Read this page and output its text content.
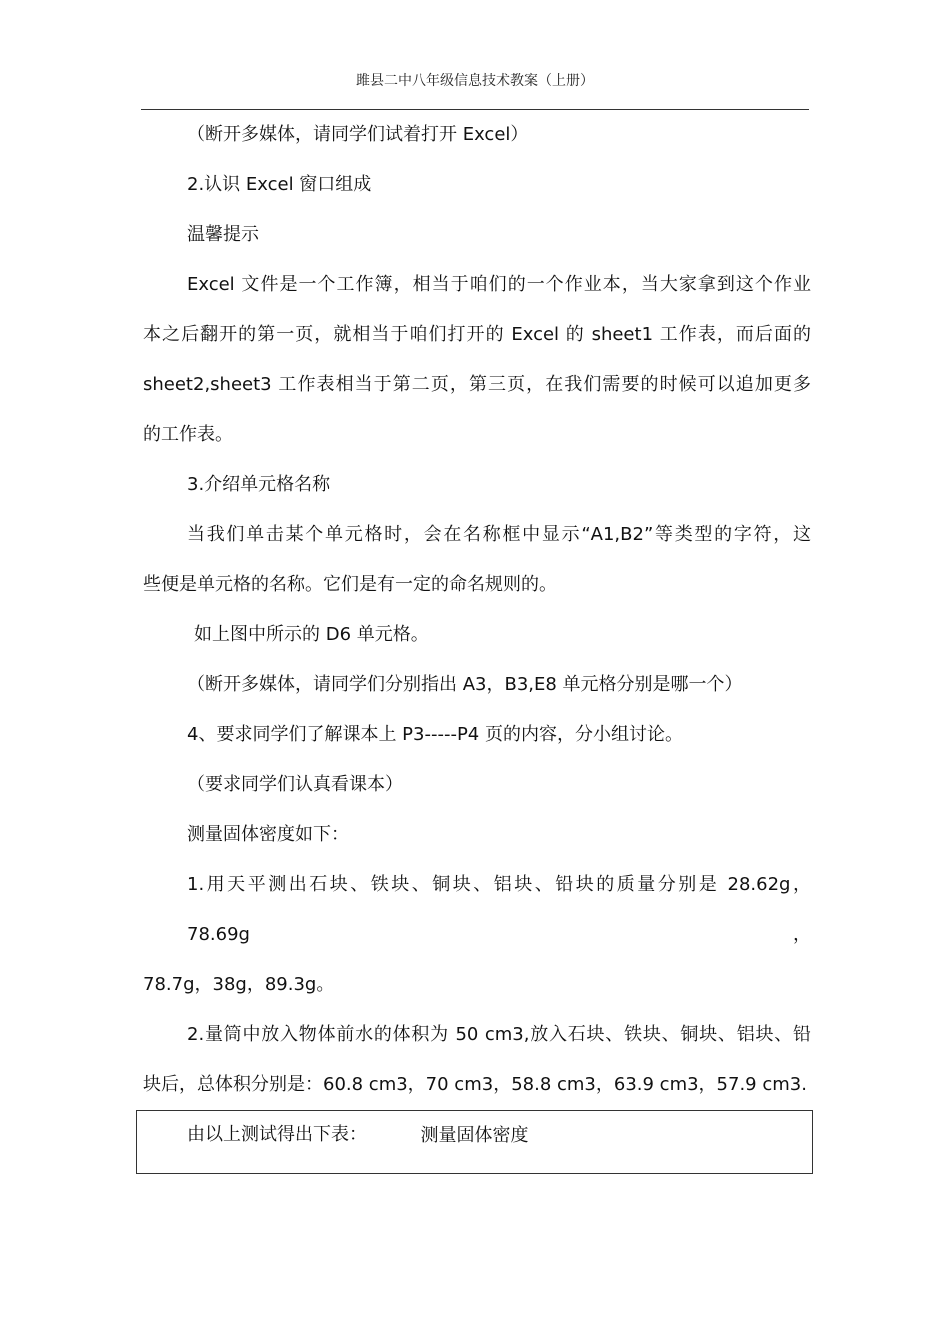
雎县二中八年级信息技术教案（上册）

（断开多媒体，请同学们试着打开 Excel）

2.认识 Excel 窗口组成

温馨提示

Excel 文件是一个工作簿，相当于咱们的一个作业本，当大家拿到这个作业

本之后翻开的第一页，就相当于咱们打开的 Excel 的 sheet1 工作表，而后面的

sheet2,sheet3 工作表相当于第二页，第三页，在我们需要的时候可以追加更多

的工作表。

3.介绍单元格名称

当我们单击某个单元格时，会在名称框中显示“A1,B2”等类型的字符，这

些便是单元格的名称。它们是有一定的命名规则的。

如上图中所示的 D6 单元格。

（断开多媒体，请同学们分别指出 A3，B3,E8 单元格分别是哪一个）

4、要求同学们了解课本上 P3-----P4 页的内容，分小组讨论。

（要求同学们认真看课本）

测量固体密度如下：

1.用天平测出石块、铁块、铜块、铝块、铅块的质量分别是 28.62g，78.69g，

78.7g，38g，89.3g。

2.量筒中放入物体前水的体积为 50 cm3,放入石块、铁块、铜块、铝块、铅

块后，总体积分别是：60.8 cm3，70 cm3，58.8 cm3，63.9 cm3，57.9 cm3.

由以上测试得出下表：	测量固体密度
